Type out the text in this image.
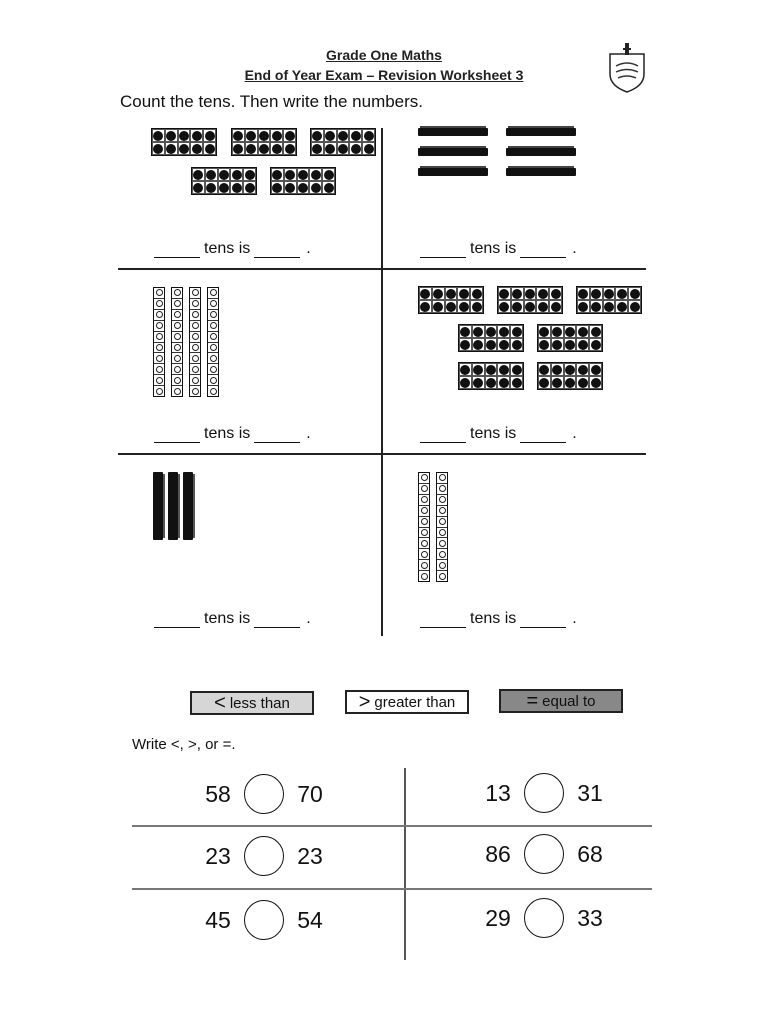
Grade One Maths
End of Year Exam – Revision Worksheet 3
Count the tens. Then write the numbers.
tens is	.	tens is	.
tens is	.	tens is	.
tens is	.	tens is	.
< less than	> greater than	= equal to
Write <, >, or =.
58	70	13	31
23	23	86	68
45	54	29	33
